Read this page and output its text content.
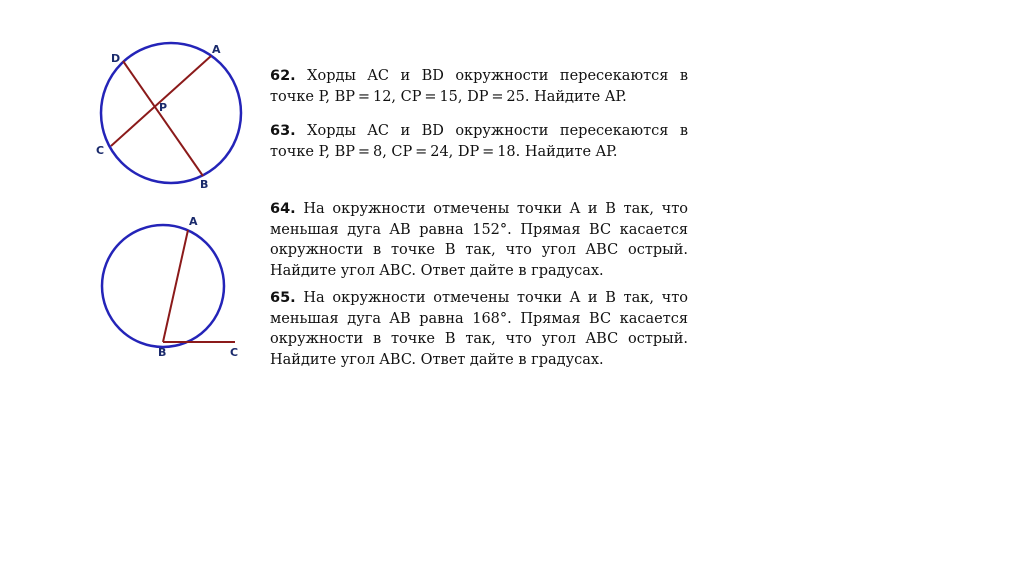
D
A
P
C
B
A
B	C
62. Хорды AC и BD окружности пересекаются в точке P, BP = 12, CP = 15, DP = 25. Найдите AP.
63. Хорды AC и BD окружности пересекаются в точке P, BP = 8, CP = 24, DP = 18. Найдите AP.
64. На окружности отмечены точки A и B так, что меньшая дуга AB равна 152°. Прямая BC касается окружности в точке B так, что угол ABC острый. Найдите угол ABC. Ответ дайте в градусах.
65. На окружности отмечены точки A и B так, что меньшая дуга AB равна 168°. Прямая BC касается окружности в точке B так, что угол ABC острый. Найдите угол ABC. Ответ дайте в градусах.
